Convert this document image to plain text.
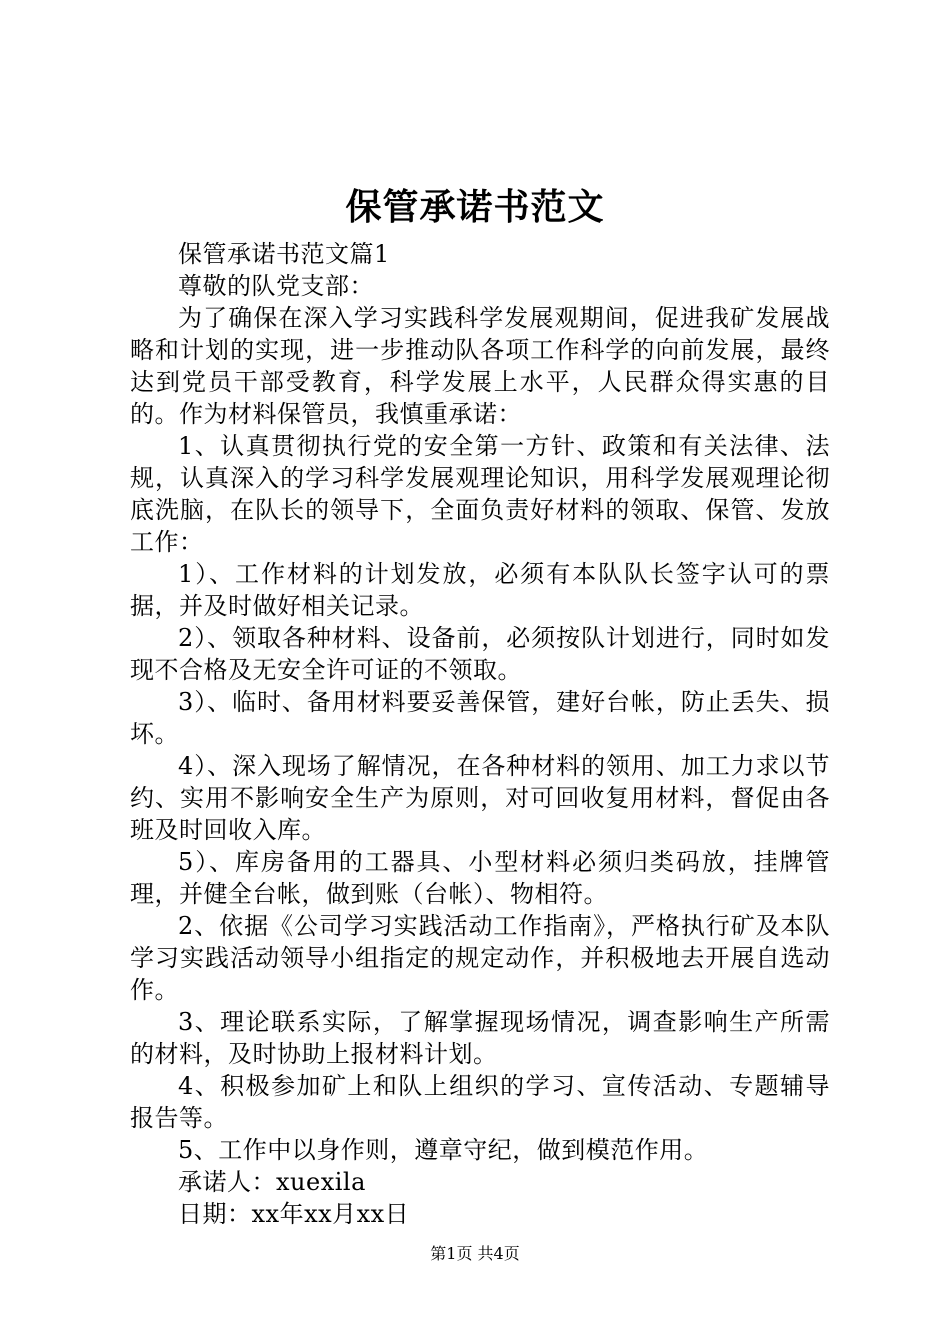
保管承诺书范文

保管承诺书范文篇1

尊敬的队党支部：

为了确保在深入学习实践科学发展观期间，促进我矿发展战略和计划的实现，进一步推动队各项工作科学的向前发展，最终达到党员干部受教育，科学发展上水平，人民群众得实惠的目的。作为材料保管员，我慎重承诺：

1、认真贯彻执行党的安全第一方针、政策和有关法律、法规，认真深入的学习科学发展观理论知识，用科学发展观理论彻底洗脑，在队长的领导下，全面负责好材料的领取、保管、发放工作：

1）、工作材料的计划发放，必须有本队队长签字认可的票据，并及时做好相关记录。

2）、领取各种材料、设备前，必须按队计划进行，同时如发现不合格及无安全许可证的不领取。

3）、临时、备用材料要妥善保管，建好台帐，防止丢失、损坏。

4）、深入现场了解情况，在各种材料的领用、加工力求以节约、实用不影响安全生产为原则，对可回收复用材料，督促由各班及时回收入库。

5）、库房备用的工器具、小型材料必须归类码放，挂牌管理，并健全台帐，做到账（台帐）、物相符。

2、依据《公司学习实践活动工作指南》，严格执行矿及本队学习实践活动领导小组指定的规定动作，并积极地去开展自选动作。

3、理论联系实际，了解掌握现场情况，调查影响生产所需的材料，及时协助上报材料计划。

4、积极参加矿上和队上组织的学习、宣传活动、专题辅导报告等。

5、工作中以身作则，遵章守纪，做到模范作用。

承诺人：xuexila

日期：xx年xx月xx日

第1页 共4页
